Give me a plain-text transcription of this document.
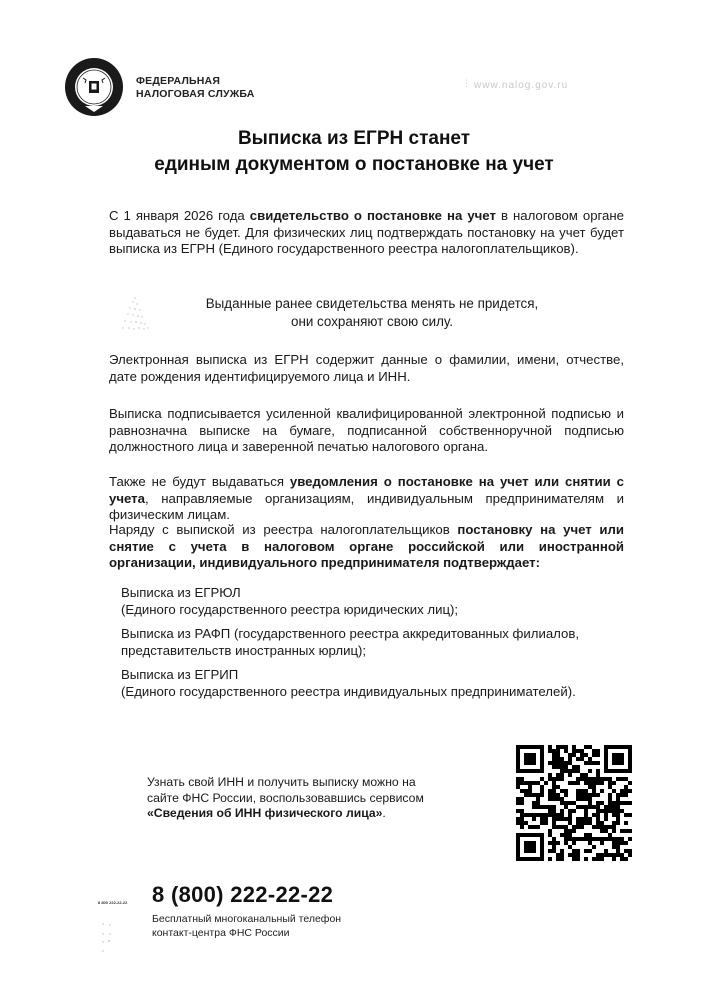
ФЕДЕРАЛЬНАЯ
НАЛОГОВАЯ СЛУЖБА
⋮ www.nalog.gov.ru
Выписка из ЕГРН станет
единым документом о постановке на учет
С 1 января 2026 года свидетельство о постановке на учет в налоговом органе выдаваться не будет. Для физических лиц подтверждать постановку на учет будет выписка из ЕГРН (Единого государственного реестра налогоплательщиков).
Выданные ранее свидетельства менять не придется,
они сохраняют свою силу.
Электронная выписка из ЕГРН содержит данные о фамилии, имени, отчестве, дате рождения идентифицируемого лица и ИНН.
Выписка подписывается усиленной квалифицированной электронной подписью и равнозначна выписке на бумаге, подписанной собственноручной подписью должностного лица и заверенной печатью налогового органа.
Также не будут выдаваться уведомления о постановке на учет или снятии с учета, направляемые организациям, индивидуальным предпринимателям и физическим лицам.
Наряду с выпиской из реестра налогоплательщиков постановку на учет или снятие с учета в налоговом органе российской или иностранной организации, индивидуального предпринимателя подтверждает:
Выписка из ЕГРЮЛ
(Единого государственного реестра юридических лиц);
Выписка из РАФП (государственного реестра аккредитованных филиалов,
представительств иностранных юрлиц);
Выписка из ЕГРИП
(Единого государственного реестра индивидуальных предпринимателей).
Узнать свой ИНН и получить выписку можно на
сайте ФНС России, воспользовавшись сервисом
«Сведения об ИНН физического лица».
8 800 222-22-22 8 (800) 222-22-22
Бесплатный многоканальный телефон
контакт-центра ФНС России
